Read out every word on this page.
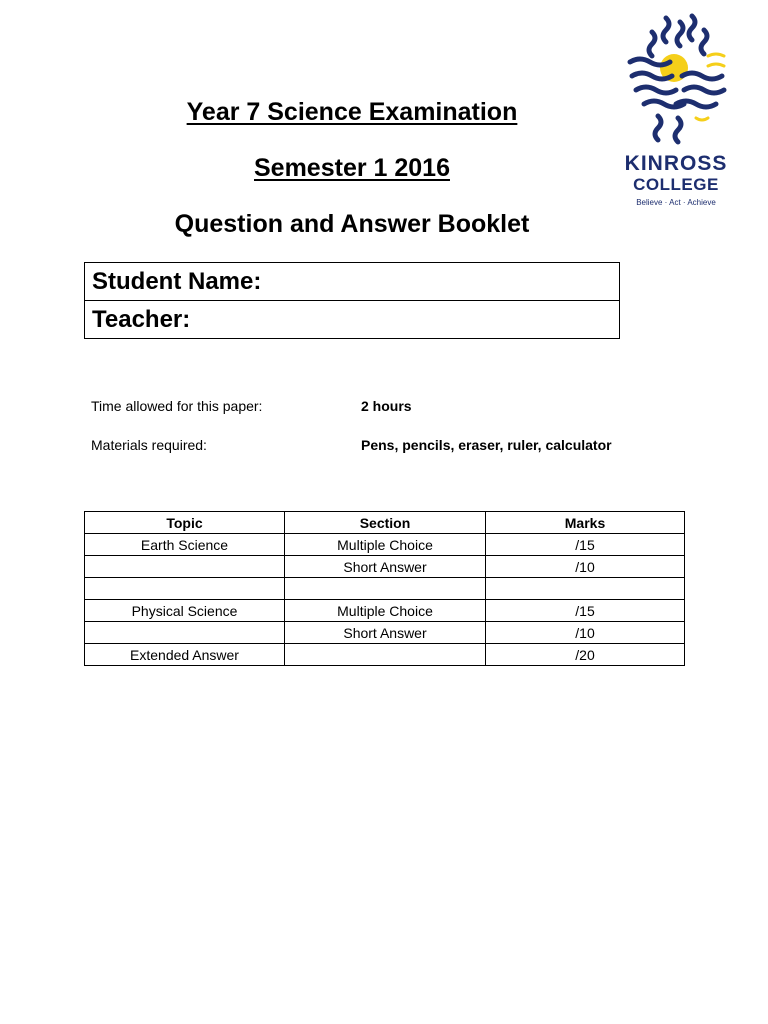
Year 7 Science Examination
Semester 1 2016
Question and Answer Booklet
KINROSS
COLLEGE
Believe · Act · Achieve
Student Name:
Teacher:
Time allowed for this paper:	2 hours
Materials required:	Pens, pencils, eraser, ruler, calculator
Topic	Section	Marks
Earth Science	Multiple Choice	/15
	Short Answer	/10

Physical Science	Multiple Choice	/15
	Short Answer	/10
Extended Answer		/20
